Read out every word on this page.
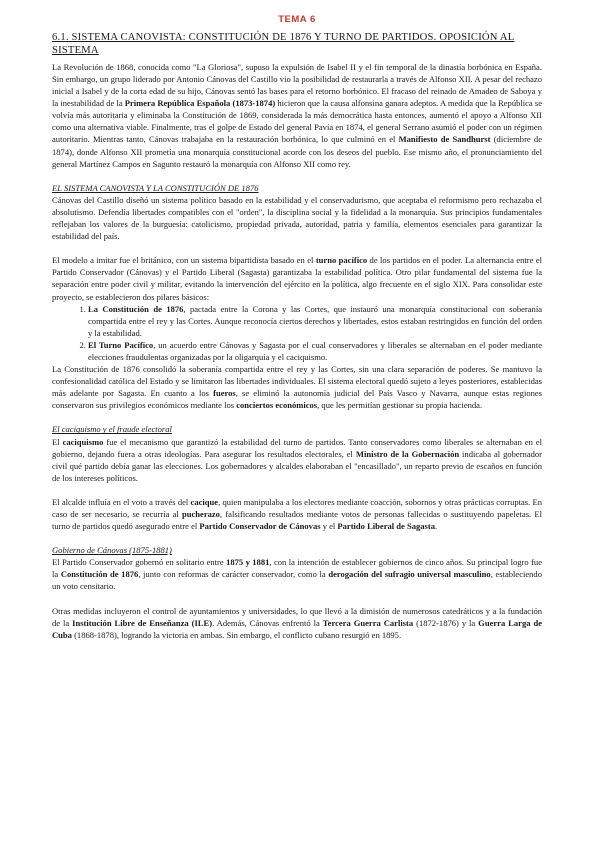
TEMA 6
6.1. SISTEMA CANOVISTA: CONSTITUCIÓN DE 1876 Y TURNO DE PARTIDOS. OPOSICIÓN AL SISTEMA

La Revolución de 1868, conocida como "La Gloriosa", supuso la expulsión de Isabel II y el fin temporal de la dinastía borbónica en España. Sin embargo, un grupo liderado por Antonio Cánovas del Castillo vio la posibilidad de restaurarla a través de Alfonso XII. A pesar del rechazo inicial a Isabel y de la corta edad de su hijo, Cánovas sentó las bases para el retorno borbónico. El fracaso del reinado de Amadeo de Saboya y la inestabilidad de la Primera República Española (1873-1874) hicieron que la causa alfonsina ganara adeptos. A medida que la República se volvía más autoritaria y eliminaba la Constitución de 1869, considerada la más democrática hasta entonces, aumentó el apoyo a Alfonso XII como una alternativa viable. Finalmente, tras el golpe de Estado del general Pavía en 1874, el general Serrano asumió el poder con un régimen autoritario. Mientras tanto, Cánovas trabajaba en la restauración borbónica, lo que culminó en el Manifiesto de Sandhurst (diciembre de 1874), donde Alfonso XII prometía una monarquía constitucional acorde con los deseos del pueblo. Ese mismo año, el pronunciamiento del general Martínez Campos en Sagunto restauró la monarquía con Alfonso XII como rey.

EL SISTEMA CANOVISTA Y LA CONSTITUCIÓN DE 1876

Cánovas del Castillo diseñó un sistema político basado en la estabilidad y el conservadurismo, que aceptaba el reformismo pero rechazaba el absolutismo. Defendía libertades compatibles con el "orden", la disciplina social y la fidelidad a la monarquía. Sus principios fundamentales reflejaban los valores de la burguesía: catolicismo, propiedad privada, autoridad, patria y familia, elementos esenciales para garantizar la estabilidad del país.

El modelo a imitar fue el británico, con un sistema bipartidista basado en el turno pacífico de los partidos en el poder. La alternancia entre el Partido Conservador (Cánovas) y el Partido Liberal (Sagasta) garantizaba la estabilidad política. Otro pilar fundamental del sistema fue la separación entre poder civil y militar, evitando la intervención del ejército en la política, algo frecuente en el siglo XIX. Para consolidar este proyecto, se establecieron dos pilares básicos:

1. La Constitución de 1876, pactada entre la Corona y las Cortes, que instauró una monarquía constitucional con soberanía compartida entre el rey y las Cortes. Aunque reconocía ciertos derechos y libertades, estos estaban restringidos en función del orden y la estabilidad.
2. El Turno Pacífico, un acuerdo entre Cánovas y Sagasta por el cual conservadores y liberales se alternaban en el poder mediante elecciones fraudulentas organizadas por la oligarquía y el caciquismo.

La Constitución de 1876 consolidó la soberanía compartida entre el rey y las Cortes, sin una clara separación de poderes. Se mantuvo la confesionalidad católica del Estado y se limitaron las libertades individuales. El sistema electoral quedó sujeto a leyes posteriores, establecidas más adelante por Sagasta. En cuanto a los fueros, se eliminó la autonomía judicial del País Vasco y Navarra, aunque estas regiones conservaron sus privilegios económicos mediante los conciertos económicos, que les permitían gestionar su propia hacienda.

El caciquismo y el fraude electoral

El caciquismo fue el mecanismo que garantizó la estabilidad del turno de partidos. Tanto conservadores como liberales se alternaban en el gobierno, dejando fuera a otras ideologías. Para asegurar los resultados electorales, el Ministro de la Gobernación indicaba al gobernador civil qué partido debía ganar las elecciones. Los gobernadores y alcaldes elaboraban el "encasillado", un reparto previo de escaños en función de los intereses políticos.

El alcalde influía en el voto a través del cacique, quien manipulaba a los electores mediante coacción, sobornos y otras prácticas corruptas. En caso de ser necesario, se recurría al pucherazo, falsificando resultados mediante votos de personas fallecidas o sustituyendo papeletas. El turno de partidos quedó asegurado entre el Partido Conservador de Cánovas y el Partido Liberal de Sagasta.

Gobierno de Cánovas (1875-1881)

El Partido Conservador gobernó en solitario entre 1875 y 1881, con la intención de establecer gobiernos de cinco años. Su principal logro fue la Constitución de 1876, junto con reformas de carácter conservador, como la derogación del sufragio universal masculino, estableciendo un voto censitario.

Otras medidas incluyeron el control de ayuntamientos y universidades, lo que llevó a la dimisión de numerosos catedráticos y a la fundación de la Institución Libre de Enseñanza (ILE). Además, Cánovas enfrentó la Tercera Guerra Carlista (1872-1876) y la Guerra Larga de Cuba (1868-1878), logrando la victoria en ambas. Sin embargo, el conflicto cubano resurgió en 1895.
